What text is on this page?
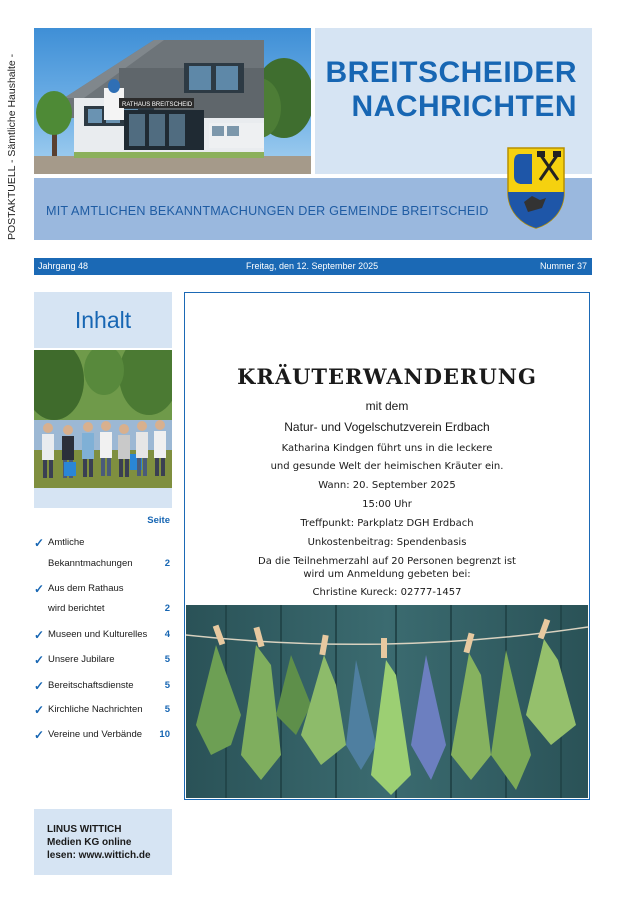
POSTAKTUELL - Sämtliche Haushalte -	RATHAUS BREITSCHEID
BREITSCHEIDER
NACHRICHTEN
MIT AMTLICHEN BEKANNTMACHUNGEN DER GEMEINDE BREITSCHEID
Jahrgang 48	Freitag, den 12. September 2025	Nummer 37
Inhalt
Seite
✓ Amtliche
Bekanntmachungen	2
✓ Aus dem Rathaus
wird berichtet	2
✓ Museen und Kulturelles 4
✓ Unsere Jubilare	5
✓ Bereitschaftsdienste	5
✓ Kirchliche Nachrichten 5
✓ Vereine und Verbände 10
LINUS WITTICH
Medien KG online
lesen: www.wittich.de
KRÄUTERWANDERUNG
mit dem
Natur- und Vogelschutzverein Erdbach
Katharina Kindgen führt uns in die leckere
und gesunde Welt der heimischen Kräuter ein.
Wann: 20. September 2025
15:00 Uhr
Treffpunkt: Parkplatz DGH Erdbach
Unkostenbeitrag: Spendenbasis
Da die Teilnehmerzahl auf 20 Personen begrenzt ist
wird um Anmeldung gebeten bei:
Christine Kureck: 02777-1457
